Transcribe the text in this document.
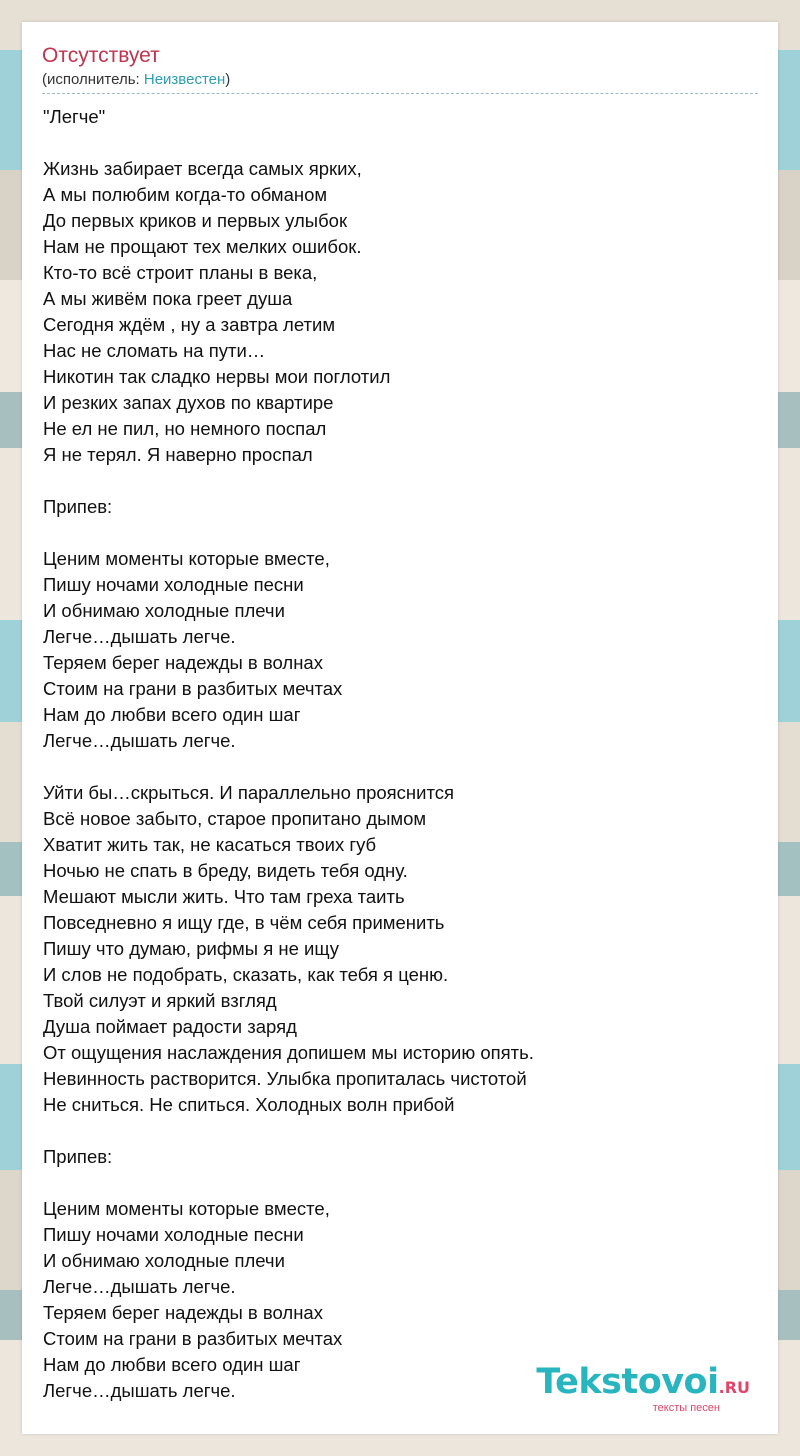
Отсутствует
(исполнитель: Неизвестен)
"Легче"
Жизнь забирает всегда самых ярких,
А мы полюбим когда-то обманом
До первых криков и первых улыбок
Нам не прощают тех мелких ошибок.
Кто-то всё строит планы в века,
А мы живём пока греет душа
Сегодня ждём , ну а завтра летим
Нас не сломать на пути…
Никотин так сладко нервы мои поглотил
И резких запах духов по квартире
Не ел не пил, но немного поспал
Я не терял. Я наверно проспал
Припев:
Ценим моменты которые вместе,
Пишу ночами холодные песни
И обнимаю холодные плечи
Легче…дышать легче.
Теряем берег надежды в волнах
Стоим на грани в разбитых мечтах
Нам до любви всего один шаг
Легче…дышать легче.
Уйти бы…скрыться. И параллельно прояснится
Всё новое забыто, старое пропитано дымом
Хватит жить так, не касаться твоих губ
Ночью не спать в бреду, видеть тебя одну.
Мешают мысли жить. Что там греха таить
Повседневно я ищу где, в чём себя применить
Пишу что думаю, рифмы я не ищу
И слов не подобрать, сказать, как тебя я ценю.
Твой силуэт и яркий взгляд
Душа поймает радости заряд
От ощущения наслаждения допишем мы историю опять.
Невинность растворится. Улыбка пропиталась чистотой
Не сниться. Не спиться. Холодных волн прибой
Припев:
Ценим моменты которые вместе,
Пишу ночами холодные песни
И обнимаю холодные плечи
Легче…дышать легче.
Теряем берег надежды в волнах
Стоим на грани в разбитых мечтах
Нам до любви всего один шаг
Легче…дышать легче.	Tekstovoi.RU
тексты песен
